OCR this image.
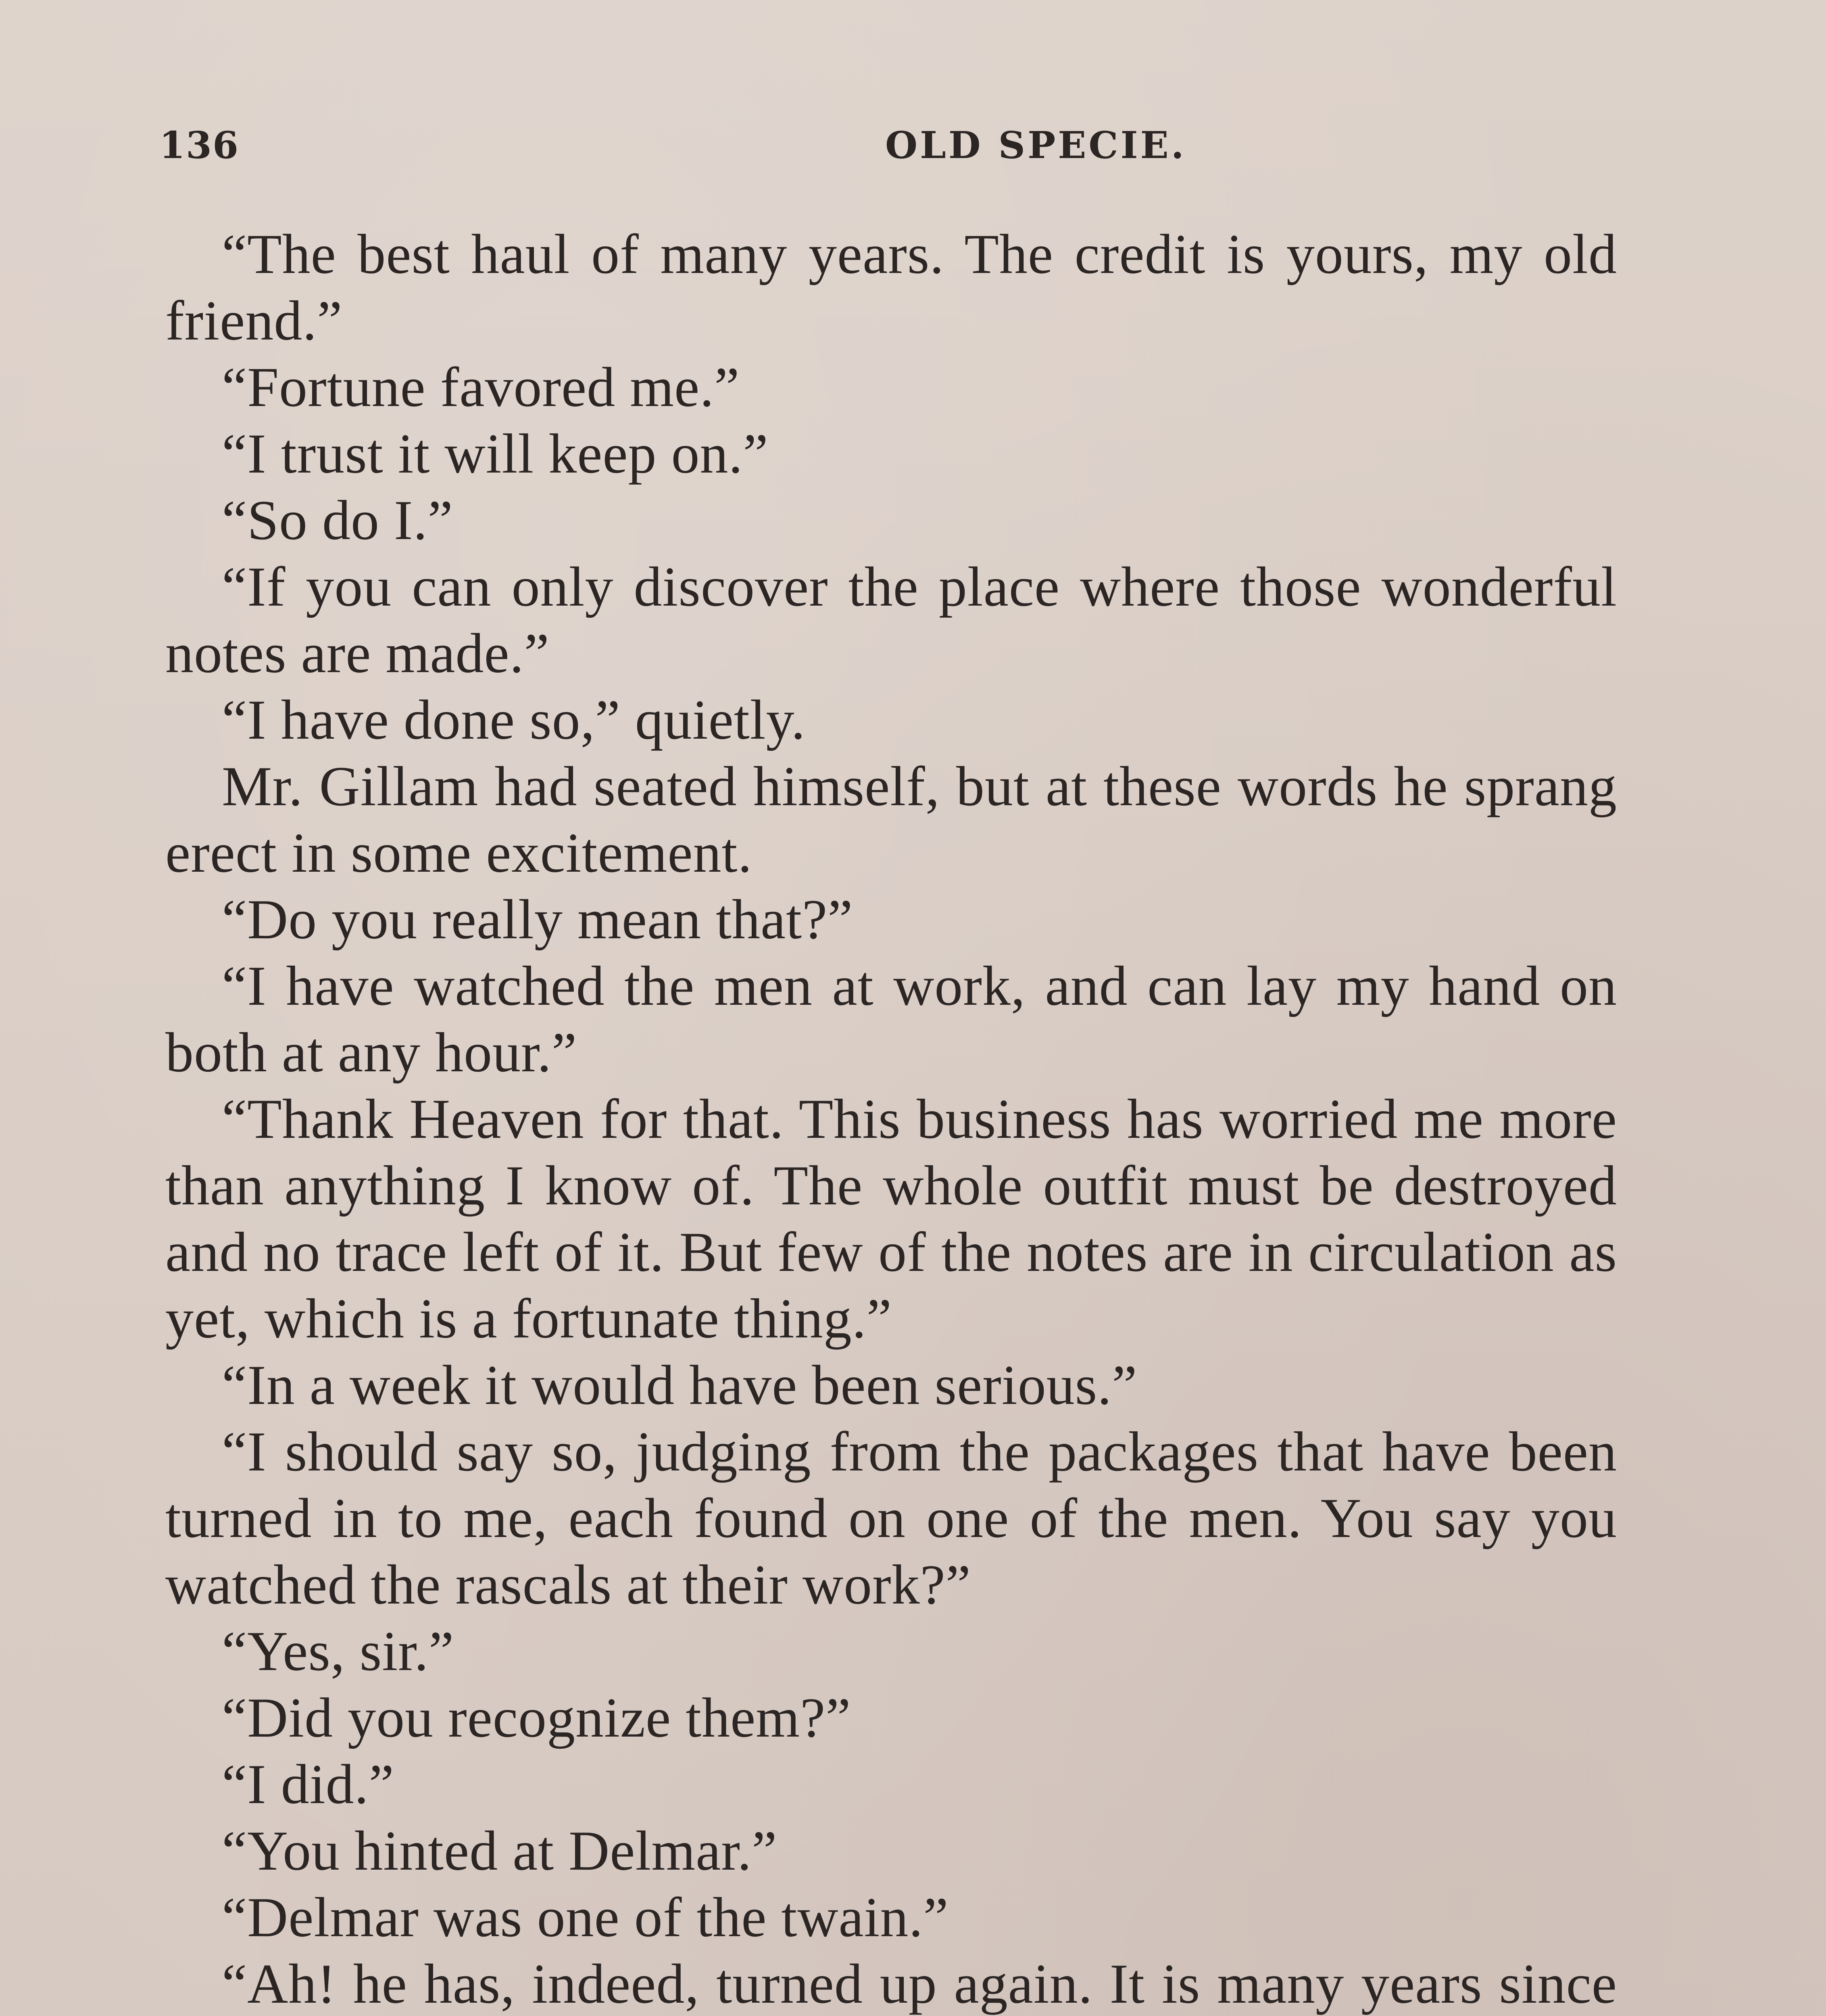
136	OLD SPECIE.

“The best haul of many years. The credit is yours, my old friend.”

“Fortune favored me.”

“I trust it will keep on.”

“So do I.”

“If you can only discover the place where those wonderful notes are made.”

“I have done so,” quietly.

Mr. Gillam had seated himself, but at these words he sprang erect in some excitement.

“Do you really mean that?”

“I have watched the men at work, and can lay my hand on both at any hour.”

“Thank Heaven for that. This business has worried me more than anything I know of. The whole outfit must be destroyed and no trace left of it. But few of the notes are in circulation as yet, which is a fortunate thing.”

“In a week it would have been serious.”

“I should say so, judging from the packages that have been turned in to me, each found on one of the men. You say you watched the rascals at their work?”

“Yes, sir.”

“Did you recognize them?”

“I did.”

“You hinted at Delmar.”

“Delmar was one of the twain.”

“Ah! he has, indeed, turned up again. It is many years since
